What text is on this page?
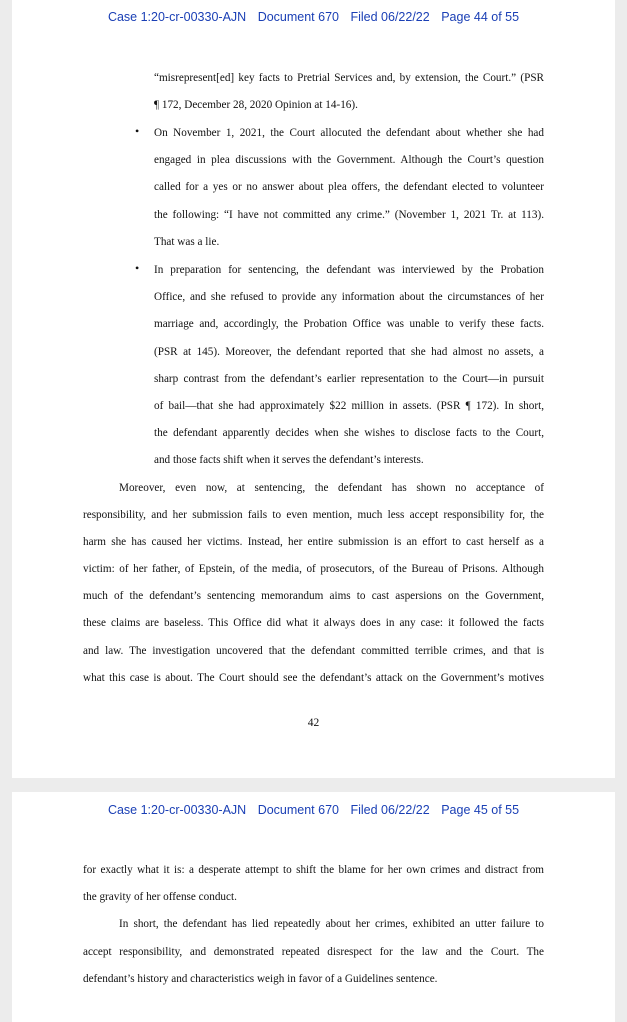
Case 1:20-cr-00330-AJN Document 670 Filed 06/22/22 Page 44 of 55
“misrepresent[ed] key facts to Pretrial Services and, by extension, the Court.” (PSR
¶ 172, December 28, 2020 Opinion at 14-16).
• On November 1, 2021, the Court allocuted the defendant about whether she had
engaged in plea discussions with the Government. Although the Court’s question
called for a yes or no answer about plea offers, the defendant elected to volunteer
the following: “I have not committed any crime.” (November 1, 2021 Tr. at 113).
That was a lie.
• In preparation for sentencing, the defendant was interviewed by the Probation
Office, and she refused to provide any information about the circumstances of her
marriage and, accordingly, the Probation Office was unable to verify these facts.
(PSR at 145). Moreover, the defendant reported that she had almost no assets, a
sharp contrast from the defendant’s earlier representation to the Court—in pursuit
of bail—that she had approximately $22 million in assets. (PSR ¶ 172). In short,
the defendant apparently decides when she wishes to disclose facts to the Court,
and those facts shift when it serves the defendant’s interests.
Moreover, even now, at sentencing, the defendant has shown no acceptance of
responsibility, and her submission fails to even mention, much less accept responsibility for, the
harm she has caused her victims. Instead, her entire submission is an effort to cast herself as a
victim: of her father, of Epstein, of the media, of prosecutors, of the Bureau of Prisons. Although
much of the defendant’s sentencing memorandum aims to cast aspersions on the Government,
these claims are baseless. This Office did what it always does in any case: it followed the facts
and law. The investigation uncovered that the defendant committed terrible crimes, and that is
what this case is about. The Court should see the defendant’s attack on the Government’s motives
42
Case 1:20-cr-00330-AJN Document 670 Filed 06/22/22 Page 45 of 55
for exactly what it is: a desperate attempt to shift the blame for her own crimes and distract from
the gravity of her offense conduct.
In short, the defendant has lied repeatedly about her crimes, exhibited an utter failure to
accept responsibility, and demonstrated repeated disrespect for the law and the Court. The
defendant’s history and characteristics weigh in favor of a Guidelines sentence.
